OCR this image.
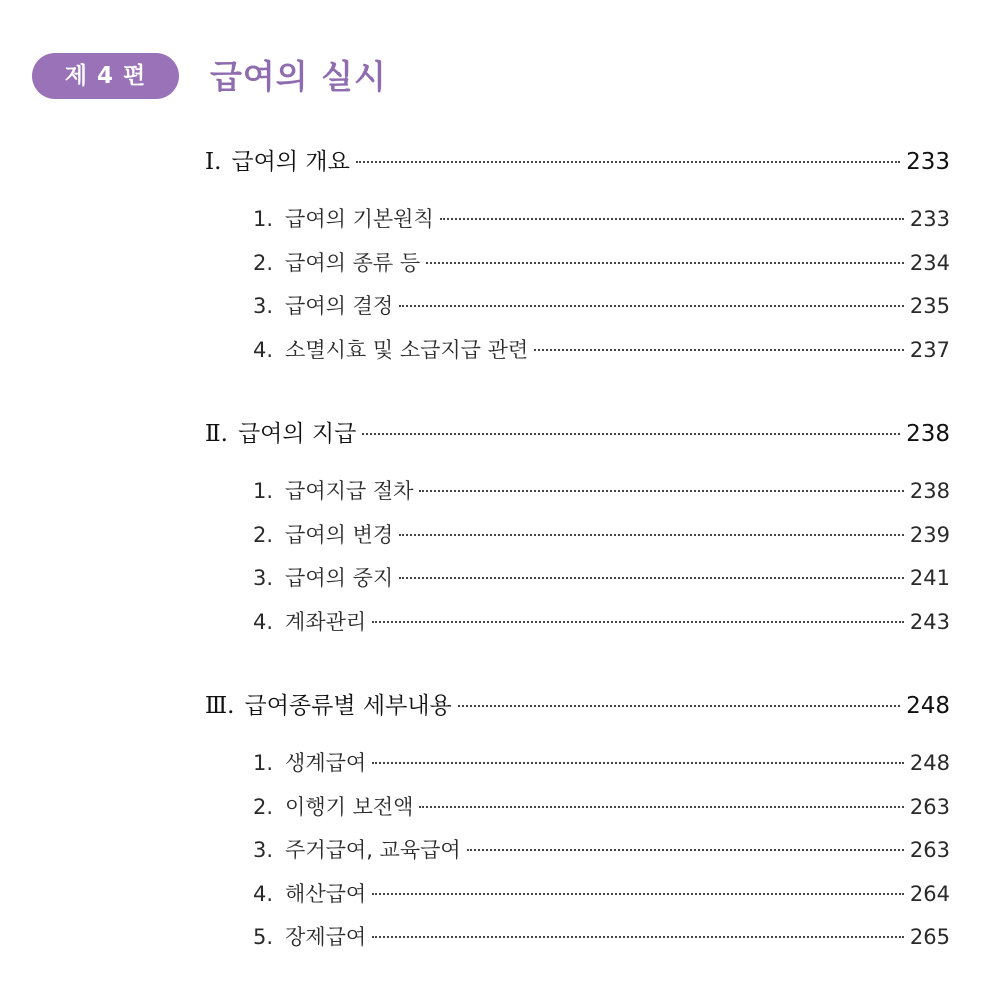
제 4 편	급여의 실시
Ⅰ. 급여의 개요	233
1. 급여의 기본원칙	233
2. 급여의 종류 등	234
3. 급여의 결정	235
4. 소멸시효 및 소급지급 관련	237
Ⅱ. 급여의 지급	238
1. 급여지급 절차	238
2. 급여의 변경	239
3. 급여의 중지	241
4. 계좌관리	243
Ⅲ. 급여종류별 세부내용	248
1. 생계급여	248
2. 이행기 보전액	263
3. 주거급여, 교육급여	263
4. 해산급여	264
5. 장제급여	265
